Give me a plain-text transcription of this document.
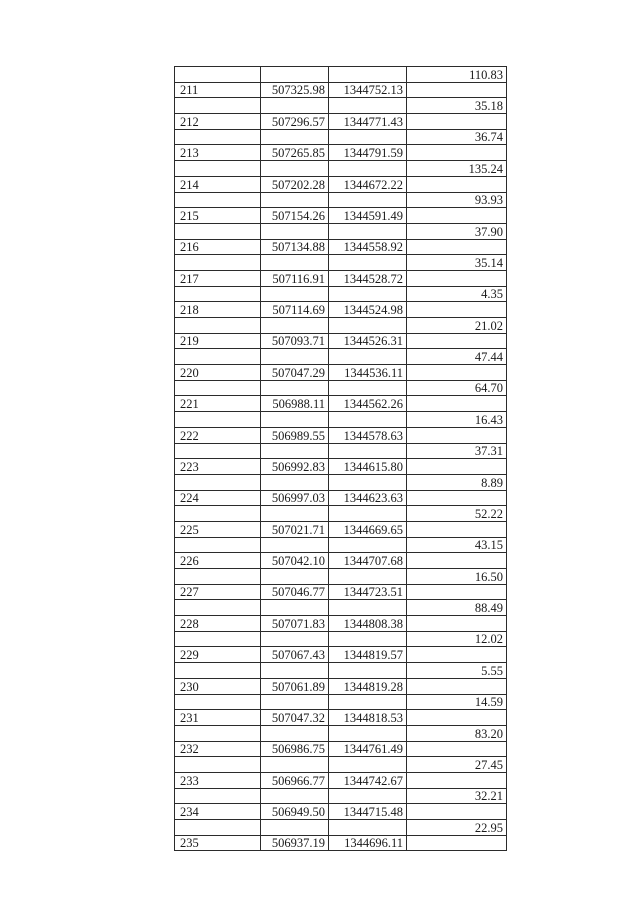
			110.83
211	507325.98	1344752.13	
			35.18
212	507296.57	1344771.43	
			36.74
213	507265.85	1344791.59	
			135.24
214	507202.28	1344672.22	
			93.93
215	507154.26	1344591.49	
			37.90
216	507134.88	1344558.92	
			35.14
217	507116.91	1344528.72	
			4.35
218	507114.69	1344524.98	
			21.02
219	507093.71	1344526.31	
			47.44
220	507047.29	1344536.11	
			64.70
221	506988.11	1344562.26	
			16.43
222	506989.55	1344578.63	
			37.31
223	506992.83	1344615.80	
			8.89
224	506997.03	1344623.63	
			52.22
225	507021.71	1344669.65	
			43.15
226	507042.10	1344707.68	
			16.50
227	507046.77	1344723.51	
			88.49
228	507071.83	1344808.38	
			12.02
229	507067.43	1344819.57	
			5.55
230	507061.89	1344819.28	
			14.59
231	507047.32	1344818.53	
			83.20
232	506986.75	1344761.49	
			27.45
233	506966.77	1344742.67	
			32.21
234	506949.50	1344715.48	
			22.95
235	506937.19	1344696.11	
